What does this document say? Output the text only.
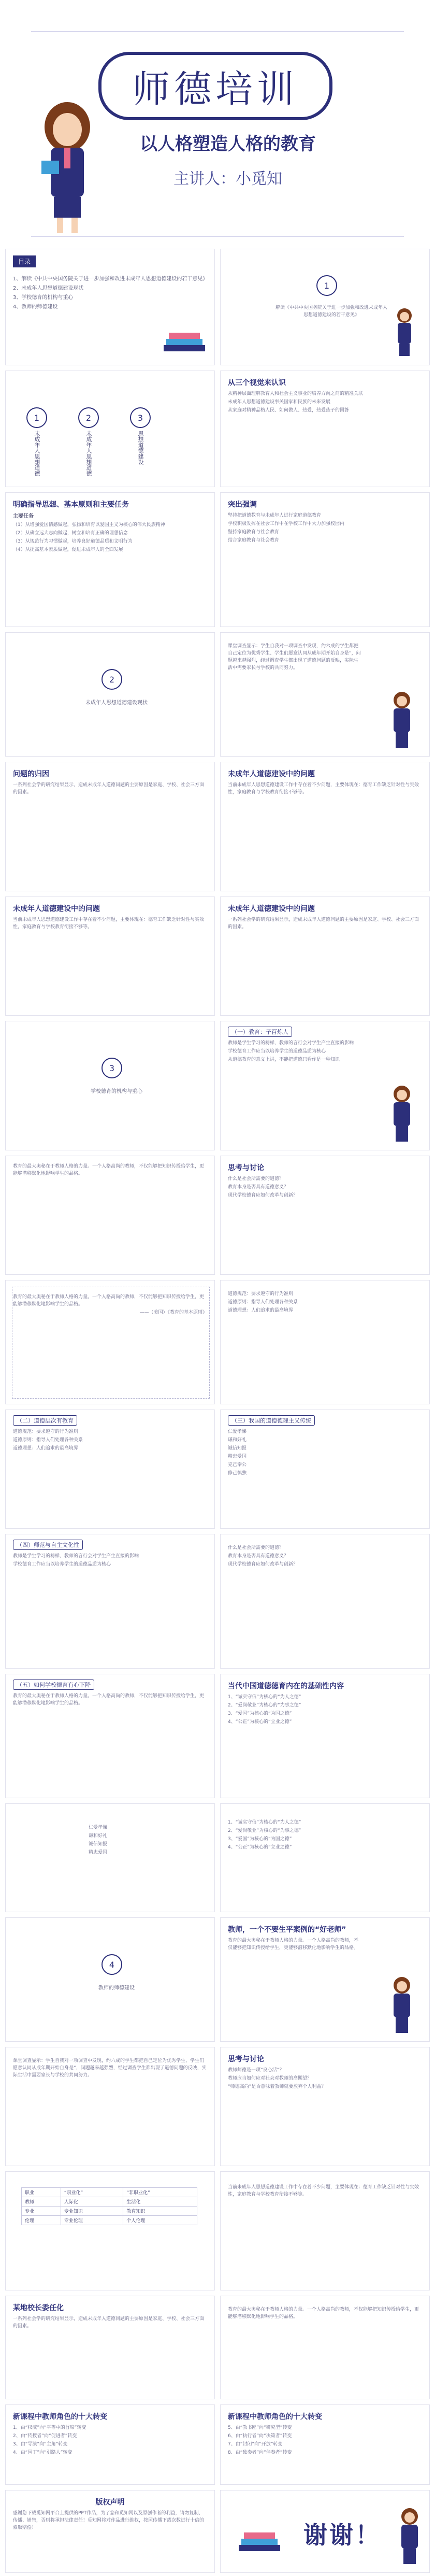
师德培训
以人格塑造人格的教育
主讲人：小觅知
目录
1、解读《中共中央国务院关于进一步加强和改进未成年人思想道德建设的若干意见》
2、未成年人思想道德建设现状
3、学校德育的机构与重心
4、教师的师德建设
1
解读《中共中央国务院关于进一步加强和改进未成年人思想道德建设的若干意见》
1	2	3
未成年人思想道德	未成年人思想道德	思想道德建设
从三个视觉来认识
从精神层面理解教育人和社会主义事业的培养方向之间的精准关联
未成年人思想道德建设事关国家和民族的未来发展
从家庭对精神品格人民、如何做人、热爱，热爱孩子的回答
明确指导思想、基本原则和主要任务
主要任务
（1）从增强爱国情感做起，弘扬和培育以爱国主义为核心的伟大民族精神
（2）从确立远大志向做起，树立和培育正确的理想信念
（3）从规范行为习惯做起，培养良好道德品质和文明行为
（4）从提高基本素质做起，促进未成年人的全面发展
突出强调
坚持把道德教育与未成年人进行家庭道德教育
学校积极发挥在社会工作中在学校工作中大力加强校园内
坚持家庭教育与社会教育
结合家庭教育与社会教育
2
未成年人思想道德建设现状
课堂调查显示：学生自我对一项调查中发现，约六成的学生都把自己定位为优秀学生、学生们愿意认同从成年期开始自身是“，问题越来越强烈，经过调查学生都出现了道德问题的反映，实际生活中需要家长与学校的共同努力。
问题的归因
一系列社会学的研究结果显示，造成未成年人道德问题的主要原因是家庭、学校、社会三方面的因素。
未成年人道德建设中的问题
当前未成年人思想道德建设工作中存在着不少问题，主要体现在：德育工作缺乏针对性与实效性，家庭教育与学校教育衔接不够等。
未成年人道德建设中的问题
当前未成年人思想道德建设工作中存在着不少问题，主要体现在：德育工作缺乏针对性与实效性，家庭教育与学校教育衔接不够等。
未成年人道德建设中的问题
一系列社会学的研究结果显示，造成未成年人道德问题的主要原因是家庭、学校、社会三方面的因素。
3
学校德育的机构与重心
（一）教育：子百炼人
教师是学生学习的榜样，教师的言行会对学生产生直接的影响
学校德育工作应当以培养学生的道德品质为核心
从道德教育的意义上讲，不能把道德只看作是一种知识
教育的最大奥秘在于教师人格的力量。一个人格高尚的教师，不仅能够把知识传授给学生，更能够潜移默化地影响学生的品格。
思考与讨论
什么是社会所需要的道德？
教育本身是否具有道德意义？
现代学校德育应如何改革与创新？
教育的最大奥秘在于教师人格的力量。一个人格高尚的教师，不仅能够把知识传授给学生，更能够潜移默化地影响学生的品格。
——（美国）《教育的基本原则》
道德规范：要求遵守的行为准则
道德原则：指导人们处理各种关系
道德理想：人们追求的最高境界
（二）道德层次有教育
道德规范：要求遵守的行为准则
道德原则：指导人们处理各种关系
道德理想：人们追求的最高境界
（三）我国的道德德理主义传统
仁爱孝悌
谦和好礼
诚信知报
精忠爱国
克己奉公
修己慎独
（四）师范与自主文化性
教师是学生学习的榜样，教师的言行会对学生产生直接的影响
学校德育工作应当以培养学生的道德品质为核心
什么是社会所需要的道德？
教育本身是否具有道德意义？
现代学校德育应如何改革与创新？
（五）如何学校德育有心下降
教育的最大奥秘在于教师人格的力量。一个人格高尚的教师，不仅能够把知识传授给学生，更能够潜移默化地影响学生的品格。
当代中国道德德育内在的基础性内容
1、“诚实守信”为核心的“为人之德”
2、“爱岗敬业”为核心的“为事之德”
3、“爱国”为核心的“为国之德”
4、“公正”为核心的“立业之德”
仁爱孝悌
谦和好礼
诚信知报
精忠爱国
1、“诚实守信”为核心的“为人之德”
2、“爱岗敬业”为核心的“为事之德”
3、“爱国”为核心的“为国之德”
4、“公正”为核心的“立业之德”
4
教师的师德建设
教师，一个不要生平案例的“好老师”
教育的最大奥秘在于教师人格的力量。一个人格高尚的教师，不仅能够把知识传授给学生，更能够潜移默化地影响学生的品格。
课堂调查显示：学生自我对一项调查中发现，约六成的学生都把自己定位为优秀学生、学生们愿意认同从成年期开始自身是“，问题越来越强烈，经过调查学生都出现了道德问题的反映，实际生活中需要家长与学校的共同努力。
思考与讨论
教师师德是一项“良心活”？
教师应当如何应对社会对教师的高期望？
“师德高尚”是否意味着教师就要放弃个人利益？
职业	“职业化”	“非职业化”
教师	人际化	生活化
专业	专业知识	教育知识
伦理	专业伦理	个人伦理
当前未成年人思想道德建设工作中存在着不少问题，主要体现在：德育工作缺乏针对性与实效性，家庭教育与学校教育衔接不够等。
某地校长委任化
一系列社会学的研究结果显示，造成未成年人道德问题的主要原因是家庭、学校、社会三方面的因素。
教育的最大奥秘在于教师人格的力量。一个人格高尚的教师，不仅能够把知识传授给学生，更能够潜移默化地影响学生的品格。
新课程中教师角色的十大转变
1、由“权威”向“平等中的首席”转变
2、由“传授者”向“促进者”转变
3、由“导演”向“主角”转变
4、由“园丁”向“引路人”转变
新课程中教师角色的十大转变
5、由“教书匠”向“研究型”转变
6、由“执行者”向“决策者”转变
7、由“封闭”向“开放”转变
8、由“独奏者”向“伴奏者”转变
版权声明
感谢您下载觅知网平台上提供的PPT作品，为了您和觅知网以及原创作者的利益，请勿复制、传播、销售，否则将承担法律责任！觅知网将对作品进行维权，按照传播下载次数进行十倍的索取赔偿！	谢谢！
